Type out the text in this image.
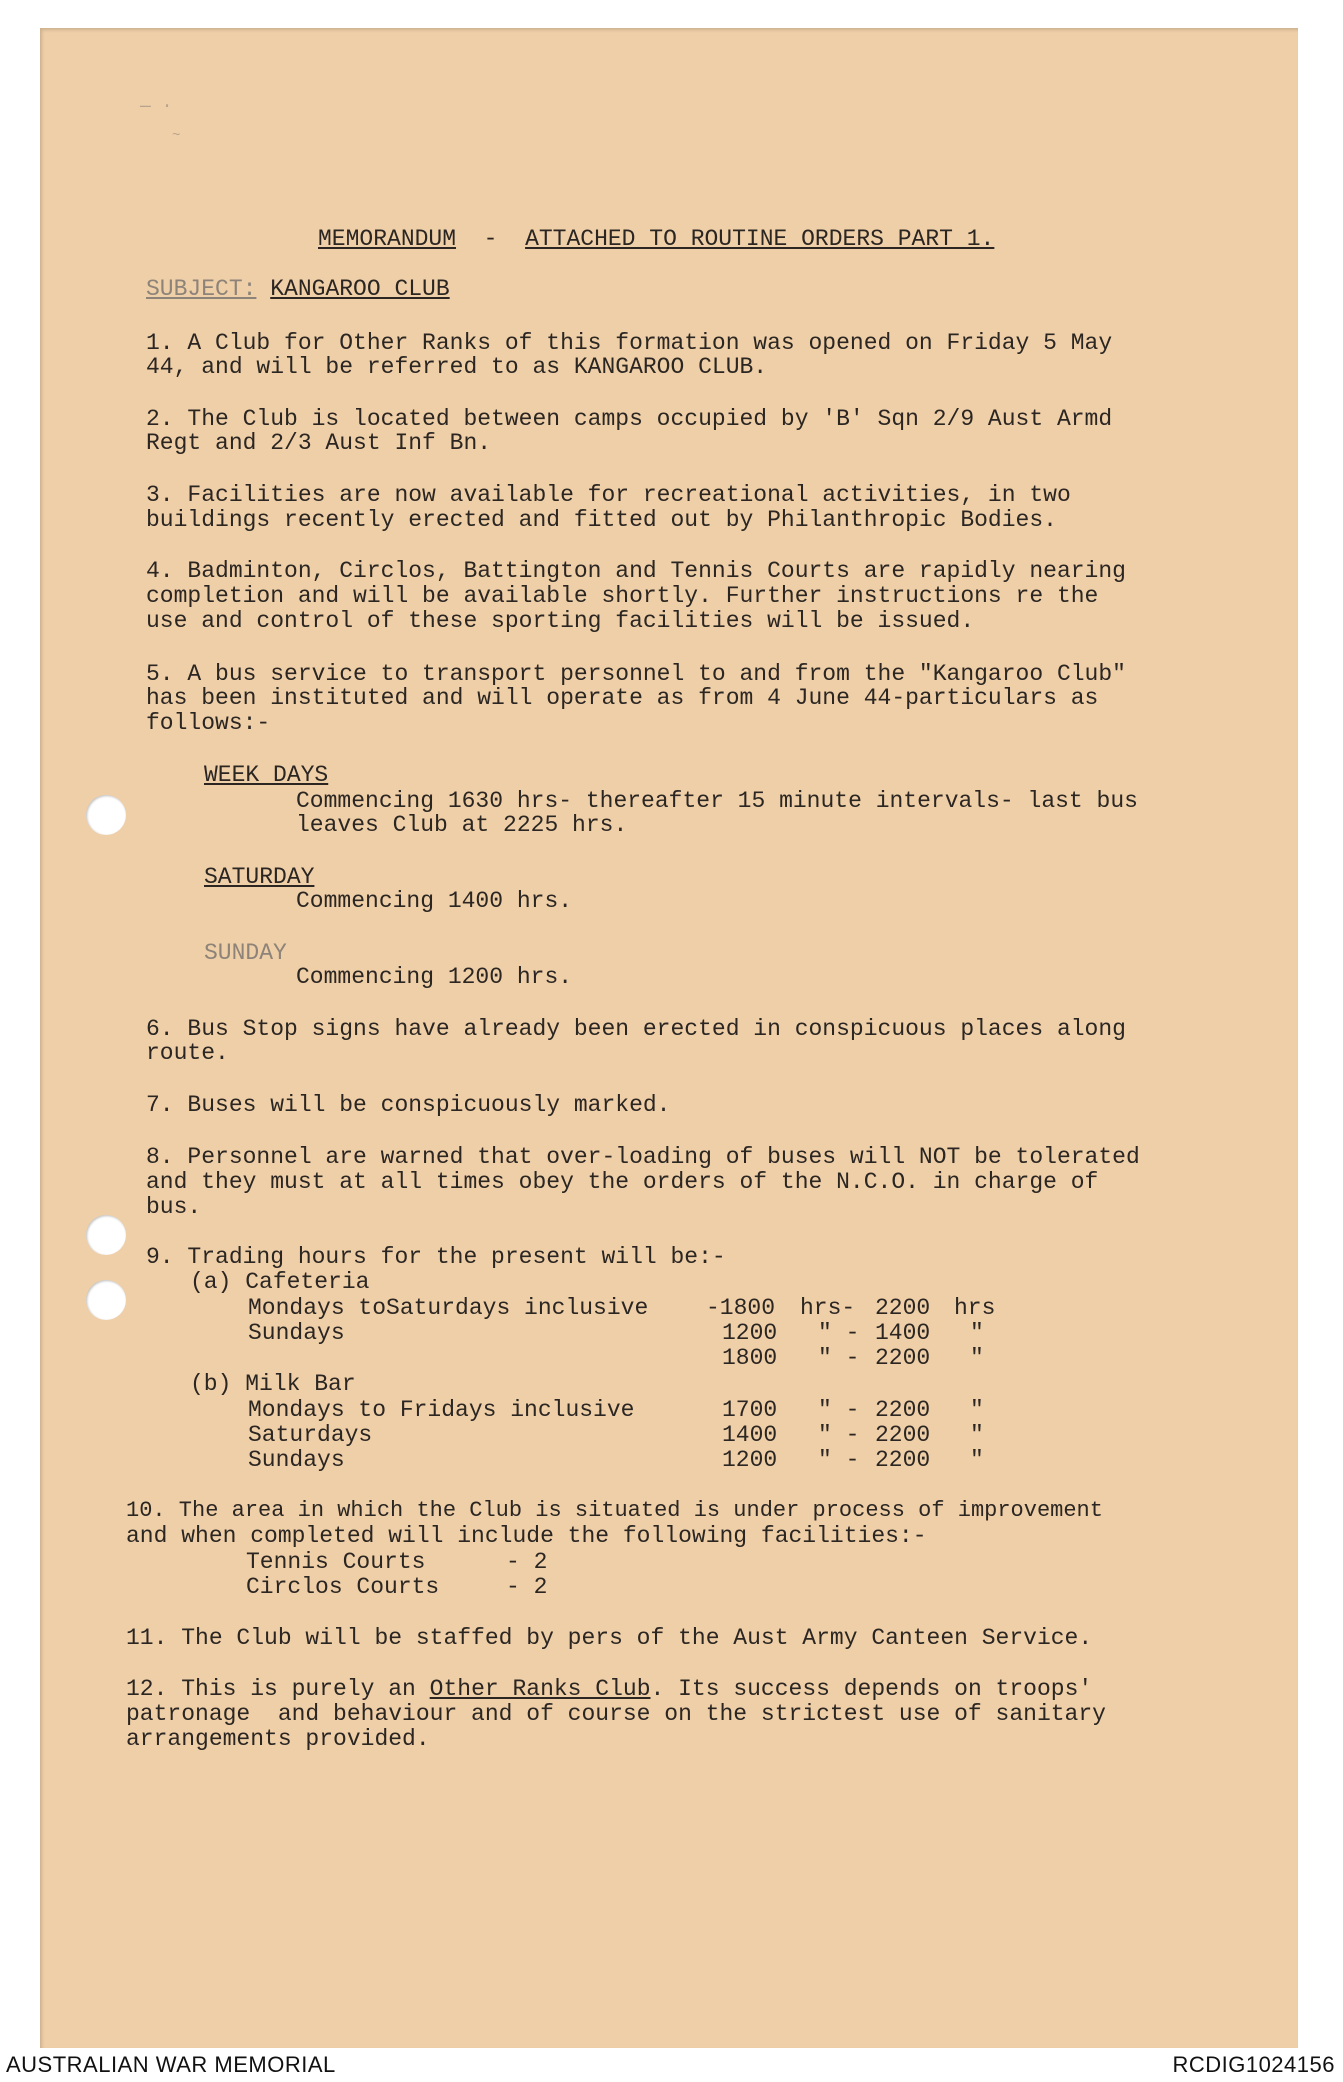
— ·
~
MEMORANDUM - ATTACHED TO ROUTINE ORDERS PART 1.
SUBJECT: KANGAROO CLUB
1. A Club for Other Ranks of this formation was opened on Friday 5 May
44, and will be referred to as KANGAROO CLUB.
2. The Club is located between camps occupied by 'B' Sqn 2/9 Aust Armd
Regt and 2/3 Aust Inf Bn.
3. Facilities are now available for recreational activities, in two
buildings recently erected and fitted out by Philanthropic Bodies.
4. Badminton, Circlos, Battington and Tennis Courts are rapidly nearing
completion and will be available shortly. Further instructions re the
use and control of these sporting facilities will be issued.
5. A bus service to transport personnel to and from the "Kangaroo Club"
has been instituted and will operate as from 4 June 44-particulars as
follows:-
WEEK DAYS
Commencing 1630 hrs- thereafter 15 minute intervals- last bus
leaves Club at 2225 hrs.
SATURDAY
Commencing 1400 hrs.
SUNDAY
Commencing 1200 hrs.
6. Bus Stop signs have already been erected in conspicuous places along
route.
7. Buses will be conspicuously marked.
8. Personnel are warned that over-loading of buses will NOT be tolerated
and they must at all times obey the orders of the N.C.O. in charge of
bus.
9. Trading hours for the present will be:-
(a) Cafeteria
Mondays toSaturdays inclusive	-1800 hrs- 2200 hrs
Sundays	1200 " - 1400 "
1800 " - 2200 "
(b) Milk Bar
Mondays to Fridays inclusive	1700 " - 2200 "
Saturdays	1400 " - 2200 "
Sundays	1200 " - 2200 "
10. The area in which the Club is situated is under process of improvement
and when completed will include the following facilities:-
Tennis Courts	- 2
Circlos Courts	- 2
11. The Club will be staffed by pers of the Aust Army Canteen Service.
12. This is purely an Other Ranks Club. Its success depends on troops'
patronage  and behaviour and of course on the strictest use of sanitary
arrangements provided.
AUSTRALIAN WAR MEMORIAL	RCDIG1024156
